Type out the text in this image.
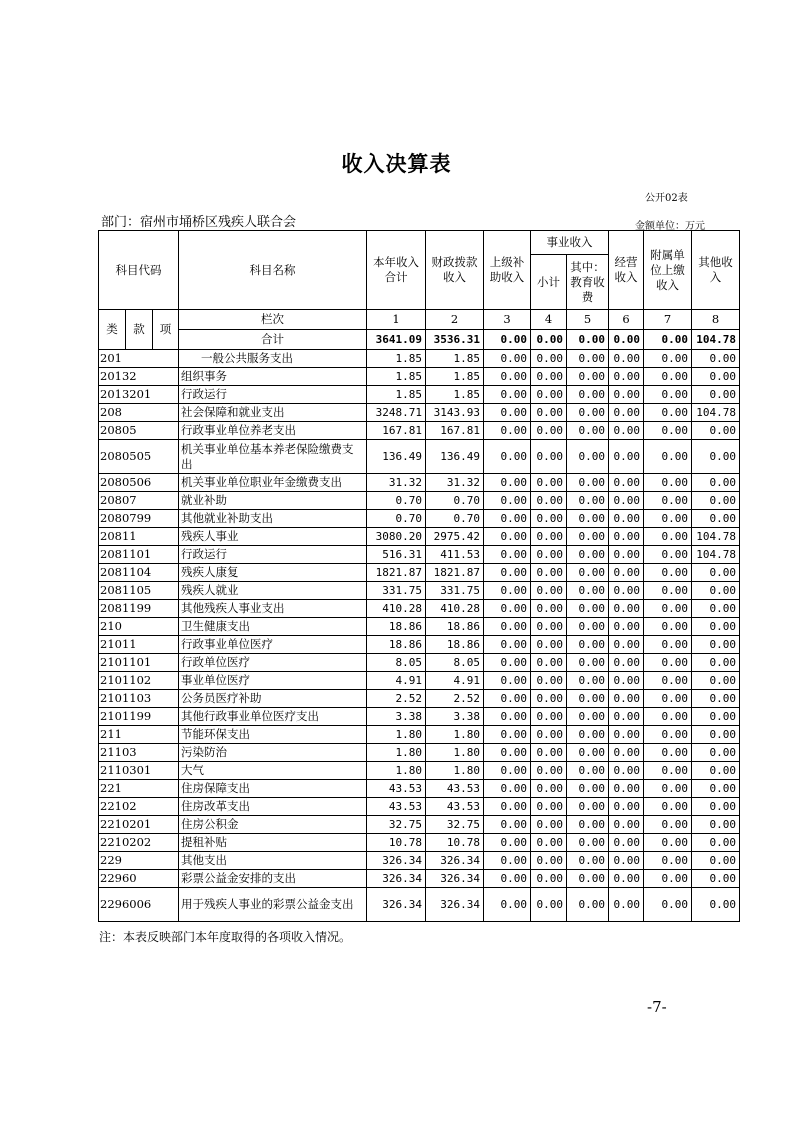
收入决算表
公开02表
部门：宿州市埇桥区残疾人联合会	金额单位：万元
科目代码			科目名称	本年收入合计	财政拨款收入	上级补助收入	事业收入		经营收入	附属单位上缴收入	其他收入
							小计	其中：教育收费			

类	款	项	栏次	1	2	3	4	5	6	7	8
			合计	3641.09	3536.31	0.00	0.00	0.00	0.00	0.00	104.78
201			一般公共服务支出	1.85	1.85	0.00	0.00	0.00	0.00	0.00	0.00
20132			组织事务	1.85	1.85	0.00	0.00	0.00	0.00	0.00	0.00
2013201			行政运行	1.85	1.85	0.00	0.00	0.00	0.00	0.00	0.00
208			社会保障和就业支出	3248.71	3143.93	0.00	0.00	0.00	0.00	0.00	104.78
20805			行政事业单位养老支出	167.81	167.81	0.00	0.00	0.00	0.00	0.00	0.00
2080505			机关事业单位基本养老保险缴费支出	136.49	136.49	0.00	0.00	0.00	0.00	0.00	0.00
2080506			机关事业单位职业年金缴费支出	31.32	31.32	0.00	0.00	0.00	0.00	0.00	0.00
20807			就业补助	0.70	0.70	0.00	0.00	0.00	0.00	0.00	0.00
2080799			其他就业补助支出	0.70	0.70	0.00	0.00	0.00	0.00	0.00	0.00
20811			残疾人事业	3080.20	2975.42	0.00	0.00	0.00	0.00	0.00	104.78
2081101			行政运行	516.31	411.53	0.00	0.00	0.00	0.00	0.00	104.78
2081104			残疾人康复	1821.87	1821.87	0.00	0.00	0.00	0.00	0.00	0.00
2081105			残疾人就业	331.75	331.75	0.00	0.00	0.00	0.00	0.00	0.00
2081199			其他残疾人事业支出	410.28	410.28	0.00	0.00	0.00	0.00	0.00	0.00
210			卫生健康支出	18.86	18.86	0.00	0.00	0.00	0.00	0.00	0.00
21011			行政事业单位医疗	18.86	18.86	0.00	0.00	0.00	0.00	0.00	0.00
2101101			行政单位医疗	8.05	8.05	0.00	0.00	0.00	0.00	0.00	0.00
2101102			事业单位医疗	4.91	4.91	0.00	0.00	0.00	0.00	0.00	0.00
2101103			公务员医疗补助	2.52	2.52	0.00	0.00	0.00	0.00	0.00	0.00
2101199			其他行政事业单位医疗支出	3.38	3.38	0.00	0.00	0.00	0.00	0.00	0.00
211			节能环保支出	1.80	1.80	0.00	0.00	0.00	0.00	0.00	0.00
21103			污染防治	1.80	1.80	0.00	0.00	0.00	0.00	0.00	0.00
2110301			大气	1.80	1.80	0.00	0.00	0.00	0.00	0.00	0.00
221			住房保障支出	43.53	43.53	0.00	0.00	0.00	0.00	0.00	0.00
22102			住房改革支出	43.53	43.53	0.00	0.00	0.00	0.00	0.00	0.00
2210201			住房公积金	32.75	32.75	0.00	0.00	0.00	0.00	0.00	0.00
2210202			提租补贴	10.78	10.78	0.00	0.00	0.00	0.00	0.00	0.00
229			其他支出	326.34	326.34	0.00	0.00	0.00	0.00	0.00	0.00
22960			彩票公益金安排的支出	326.34	326.34	0.00	0.00	0.00	0.00	0.00	0.00
2296006			用于残疾人事业的彩票公益金支出	326.34	326.34	0.00	0.00	0.00	0.00	0.00	0.00
注：本表反映部门本年度取得的各项收入情况。
-7-
